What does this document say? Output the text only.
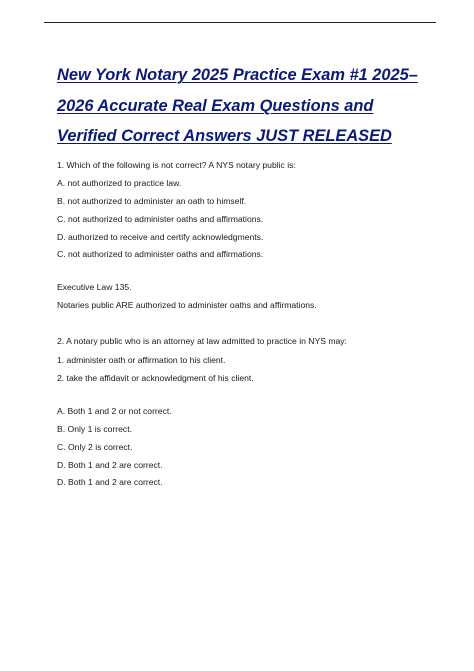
New York Notary 2025 Practice Exam #1 2025–
2026 Accurate Real Exam Questions and
Verified Correct Answers JUST RELEASED
1. Which of the following is not correct? A NYS notary public is:
A. not authorized to practice law.
B. not authorized to administer an oath to himself.
C. not authorized to administer oaths and affirmations.
D. authorized to receive and certify acknowledgments.
C. not authorized to administer oaths and affirmations.
Executive Law 135.
Notaries public ARE authorized to administer oaths and affirmations.
2. A notary public who is an attorney at law admitted to practice in NYS may:
1. administer oath or affirmation to his client.
2. take the affidavit or acknowledgment of his client.
A. Both 1 and 2 or not correct.
B. Only 1 is correct.
C. Only 2 is correct.
D. Both 1 and 2 are correct.
D. Both 1 and 2 are correct.
